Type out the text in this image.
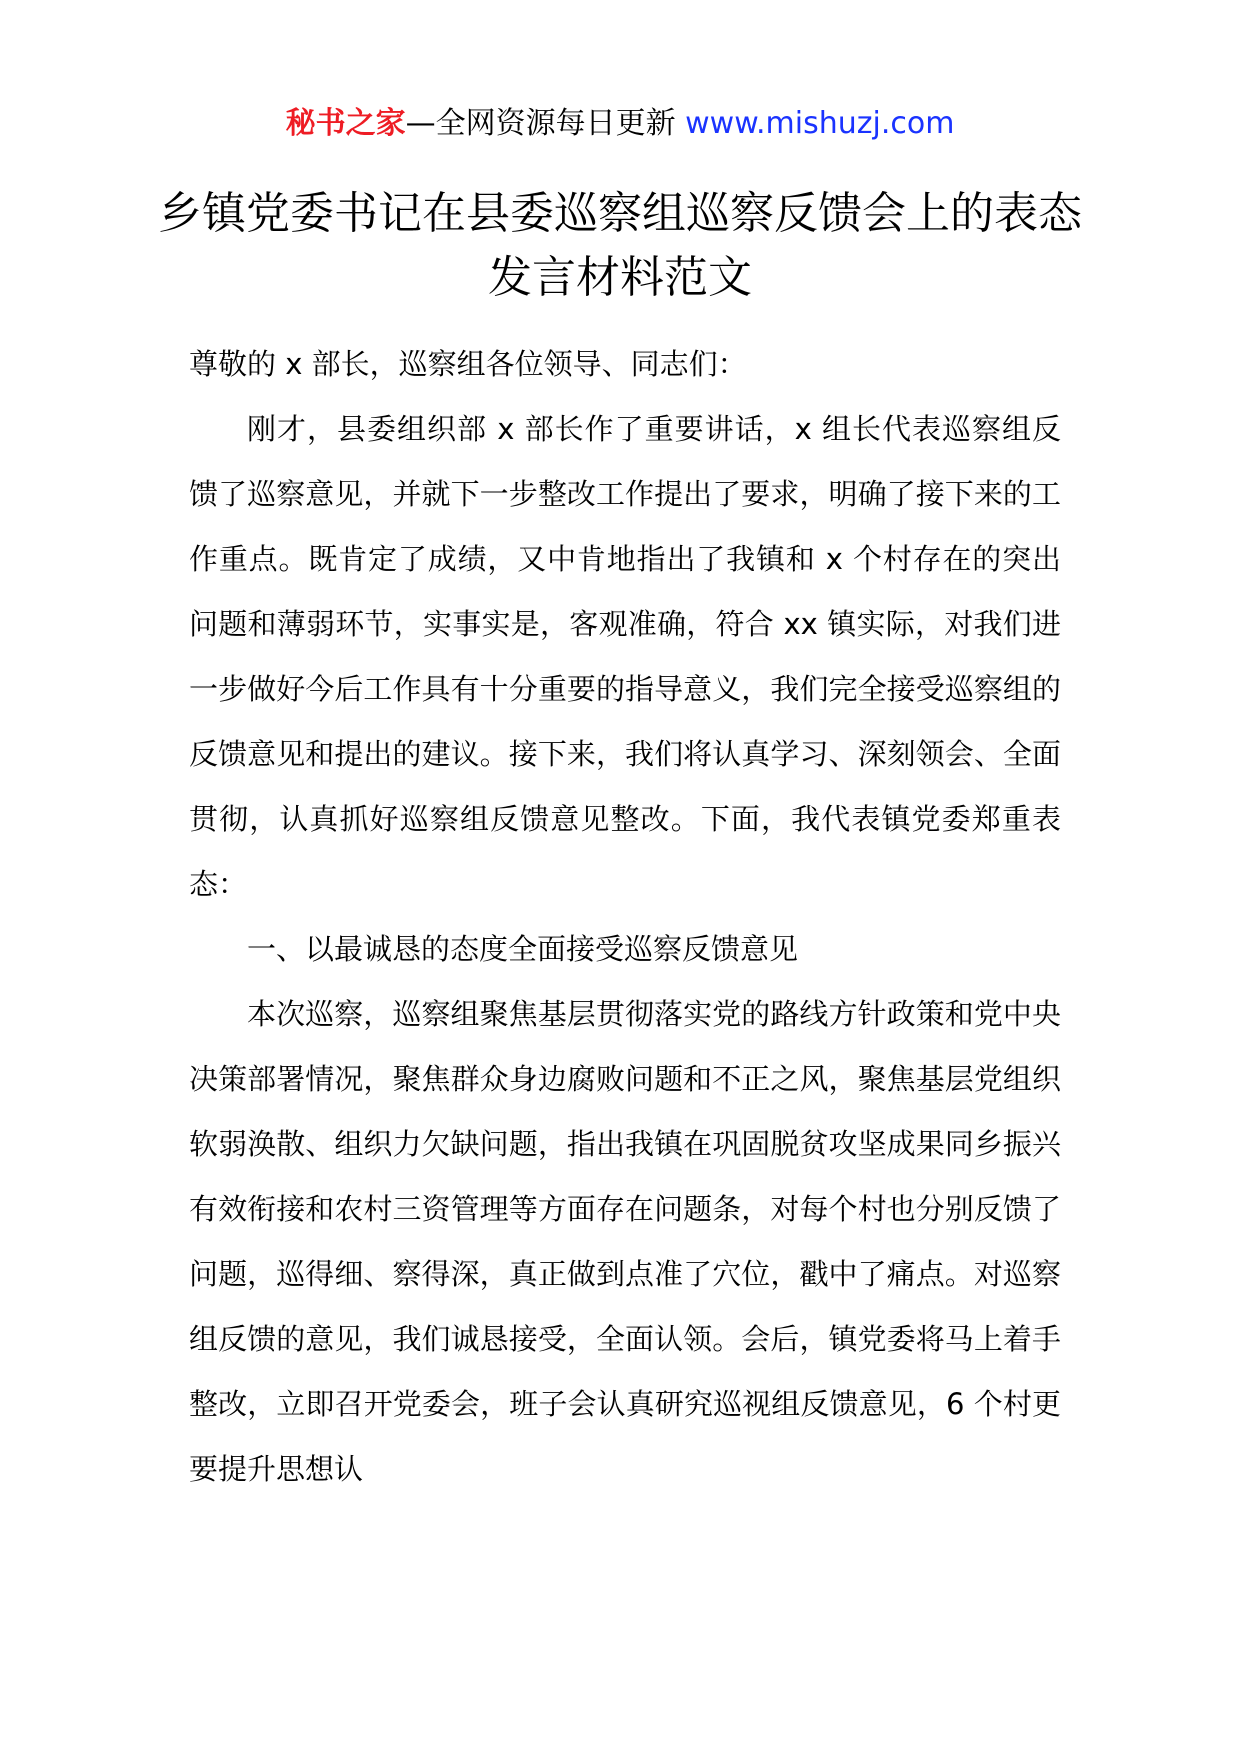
秘书之家—全网资源每日更新 www.mishuzj.com
乡镇党委书记在县委巡察组巡察反馈会上的表态发言材料范文

尊敬的 x 部长，巡察组各位领导、同志们：

刚才，县委组织部 x 部长作了重要讲话，x 组长代表巡察组反馈了巡察意见，并就下一步整改工作提出了要求，明确了接下来的工作重点。既肯定了成绩，又中肯地指出了我镇和 x 个村存在的突出问题和薄弱环节，实事实是，客观准确，符合 xx 镇实际，对我们进一步做好今后工作具有十分重要的指导意义，我们完全接受巡察组的反馈意见和提出的建议。接下来，我们将认真学习、深刻领会、全面贯彻，认真抓好巡察组反馈意见整改。下面，我代表镇党委郑重表态：

一、以最诚恳的态度全面接受巡察反馈意见

本次巡察，巡察组聚焦基层贯彻落实党的路线方针政策和党中央决策部署情况，聚焦群众身边腐败问题和不正之风，聚焦基层党组织软弱涣散、组织力欠缺问题，指出我镇在巩固脱贫攻坚成果同乡振兴有效衔接和农村三资管理等方面存在问题条，对每个村也分别反馈了问题，巡得细、察得深，真正做到点准了穴位，戳中了痛点。对巡察组反馈的意见，我们诚恳接受，全面认领。会后，镇党委将马上着手整改，立即召开党委会，班子会认真研究巡视组反馈意见，6 个村更要提升思想认
